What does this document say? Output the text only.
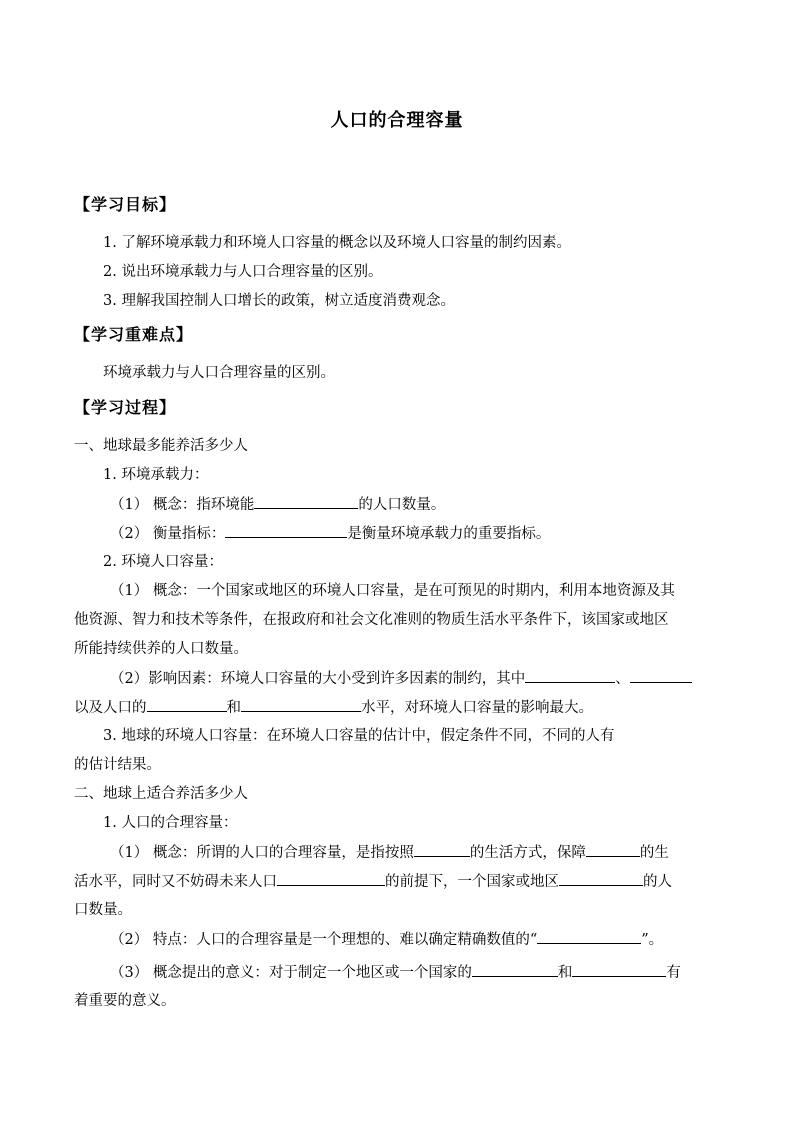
人口的合理容量
【学习目标】
1. 了解环境承载力和环境人口容量的概念以及环境人口容量的制约因素。
2. 说出环境承载力与人口合理容量的区别。
3. 理解我国控制人口增长的政策，树立适度消费观念。
【学习重难点】
环境承载力与人口合理容量的区别。
【学习过程】
一、地球最多能养活多少人
1. 环境承载力：
（1） 概念：指环境能	的人口数量。
（2） 衡量指标：	是衡量环境承载力的重要指标。
2. 环境人口容量：
（1） 概念：一个国家或地区的环境人口容量，是在可预见的时期内，利用本地资源及其
他资源、智力和技术等条件，在报政府和社会文化准则的物质生活水平条件下，该国家或地区
所能持续供养的人口数量。
（2）影响因素：环境人口容量的大小受到许多因素的制约，其中	、
以及人口的	和	水平，对环境人口容量的影响最大。
3. 地球的环境人口容量：在环境人口容量的估计中，假定条件不同，不同的人有
的估计结果。
二、地球上适合养活多少人
1. 人口的合理容量：
（1） 概念：所谓的人口的合理容量，是指按照	的生活方式，保障	的生
活水平，同时又不妨碍未来人口	的前提下，一个国家或地区	的人
口数量。
（2） 特点：人口的合理容量是一个理想的、难以确定精确数值的“	”。
（3） 概念提出的意义：对于制定一个地区或一个国家的	和	有
着重要的意义。
